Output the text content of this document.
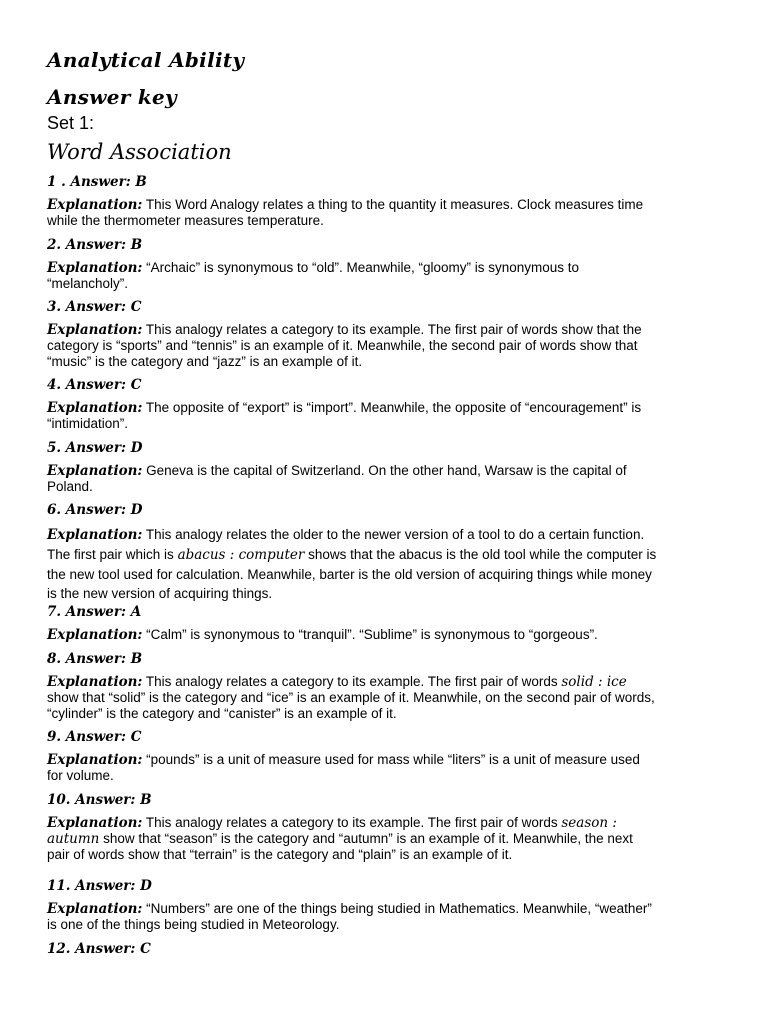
Analytical Ability
Answer key
Set 1:
Word Association
1 . Answer: B
Explanation: This Word Analogy relates a thing to the quantity it measures. Clock measures time while the thermometer measures temperature.
2. Answer: B
Explanation: “Archaic” is synonymous to “old”. Meanwhile, “gloomy” is synonymous to “melancholy”.
3. Answer: C
Explanation: This analogy relates a category to its example. The first pair of words show that the category is “sports” and “tennis” is an example of it. Meanwhile, the second pair of words show that “music” is the category and “jazz” is an example of it.
4. Answer: C
Explanation: The opposite of “export” is “import”. Meanwhile, the opposite of “encouragement” is “intimidation”.
5. Answer: D
Explanation: Geneva is the capital of Switzerland. On the other hand, Warsaw is the capital of Poland.
6. Answer: D
Explanation: This analogy relates the older to the newer version of a tool to do a certain function. The first pair which is abacus : computer shows that the abacus is the old tool while the computer is the new tool used for calculation. Meanwhile, barter is the old version of acquiring things while money is the new version of acquiring things.
7. Answer: A
Explanation: “Calm” is synonymous to “tranquil”. “Sublime” is synonymous to “gorgeous”.
8. Answer: B
Explanation: This analogy relates a category to its example. The first pair of words solid : ice show that “solid” is the category and “ice” is an example of it. Meanwhile, on the second pair of words, “cylinder” is the category and “canister” is an example of it.
9. Answer: C
Explanation: “pounds” is a unit of measure used for mass while “liters” is a unit of measure used for volume.
10. Answer: B
Explanation: This analogy relates a category to its example. The first pair of words season : autumn show that “season” is the category and “autumn” is an example of it. Meanwhile, the next pair of words show that “terrain” is the category and “plain” is an example of it.
11. Answer: D
Explanation: “Numbers” are one of the things being studied in Mathematics. Meanwhile, “weather” is one of the things being studied in Meteorology.
12. Answer: C
